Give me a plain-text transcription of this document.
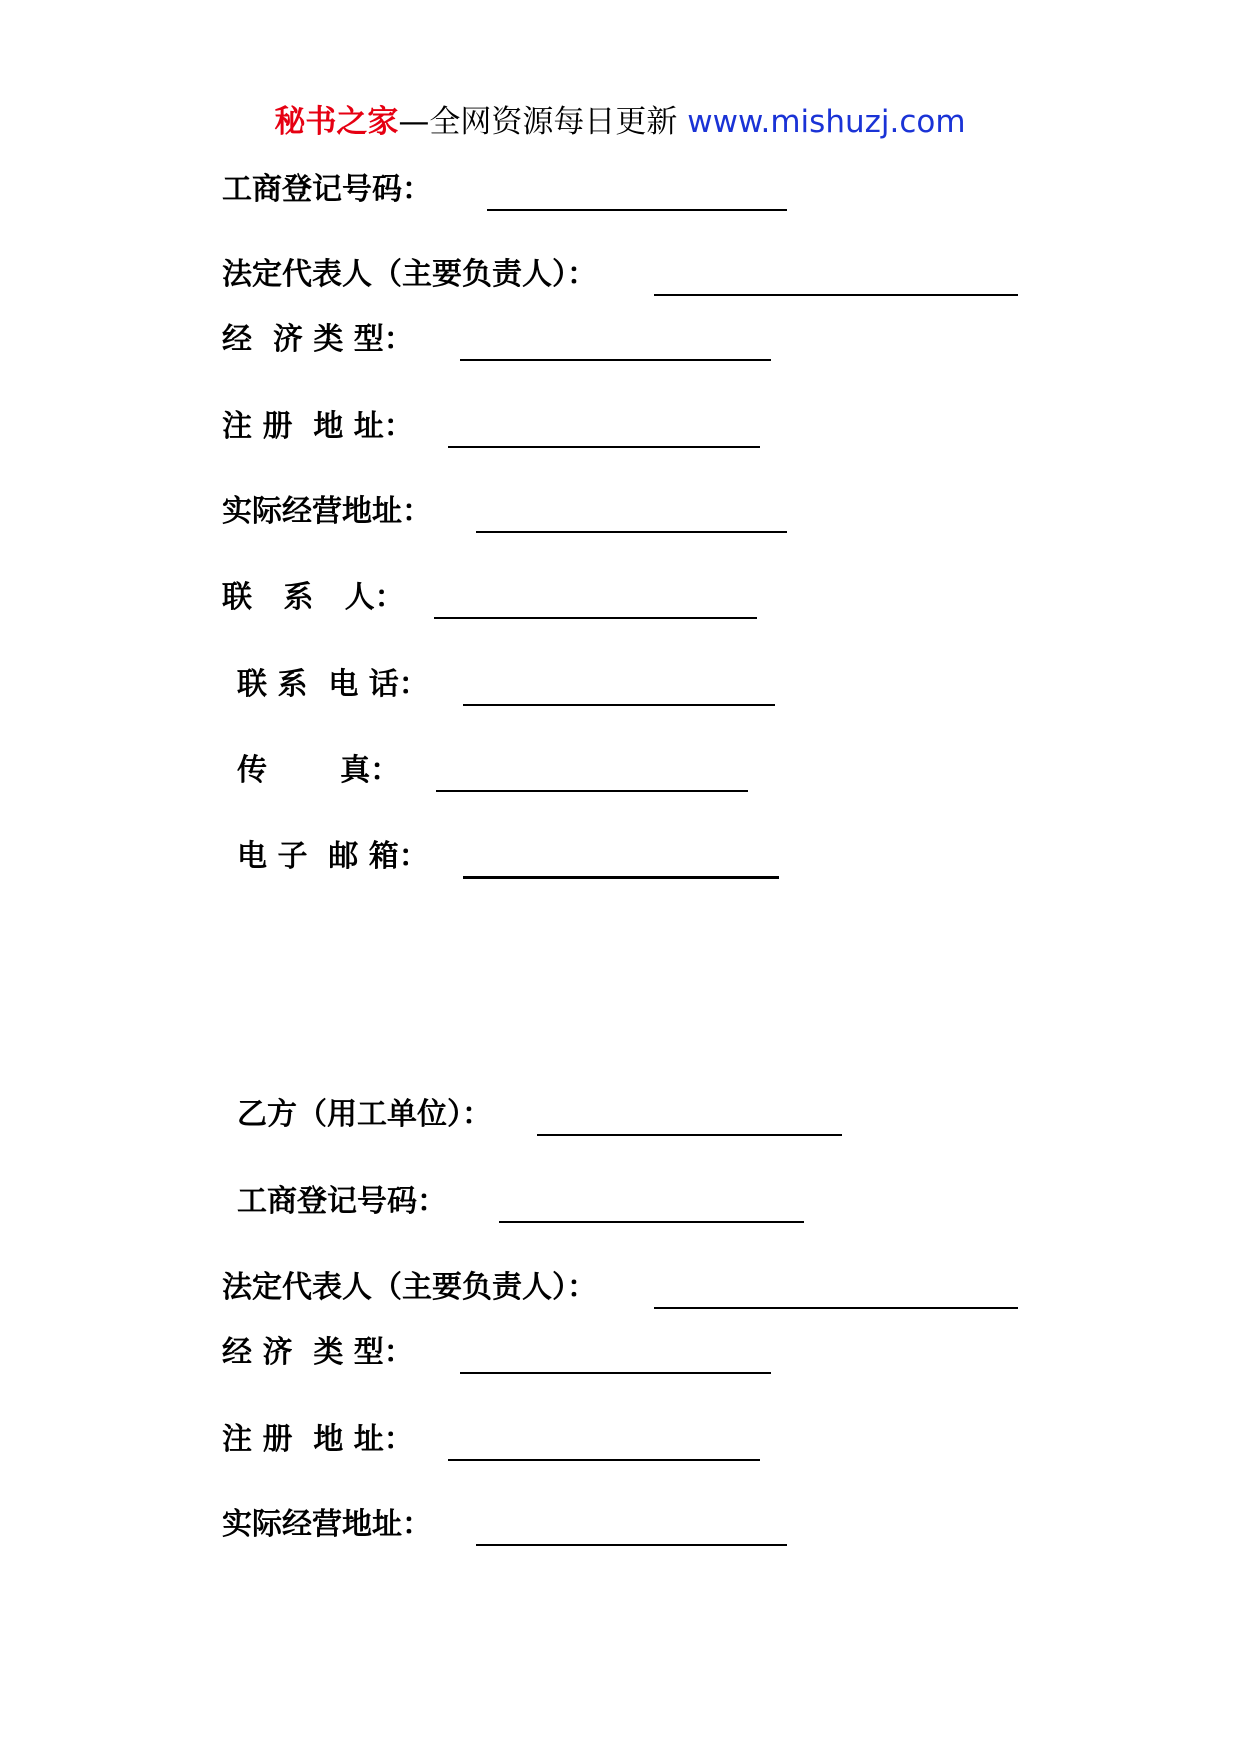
秘书之家—全网资源每日更新 www.mishuzj.com
工商登记号码：
法定代表人（主要负责人）：
经  济 类 型：
注 册  地 址：
实际经营地址：
联   系   人：
联 系  电 话：
传       真：
电 子  邮 箱：
乙方（用工单位）：
工商登记号码：
法定代表人（主要负责人）：
经 济  类 型：
注 册  地 址：
实际经营地址：
